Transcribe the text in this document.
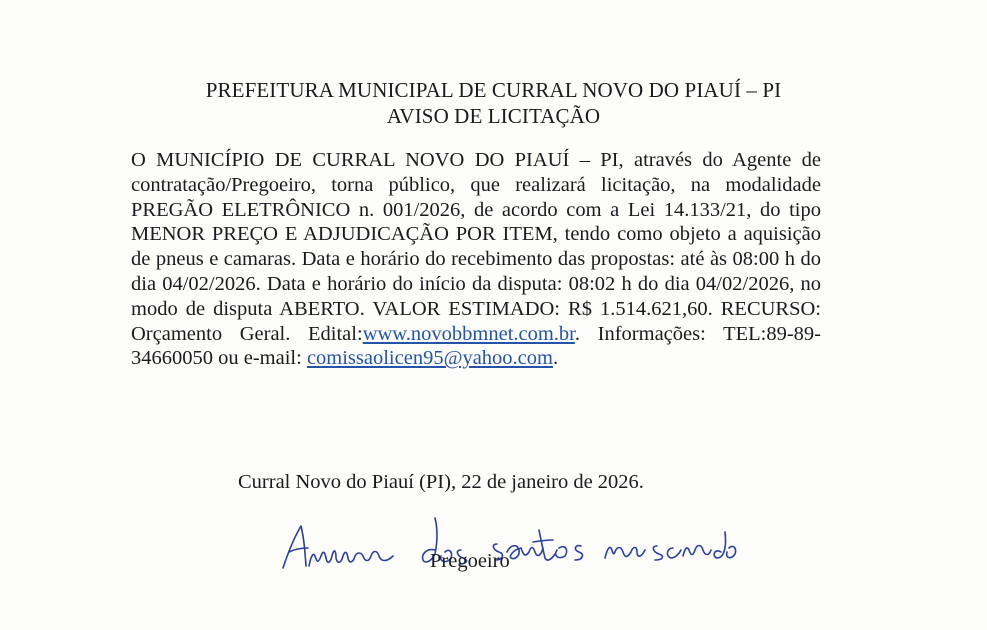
PREFEITURA MUNICIPAL DE CURRAL NOVO DO PIAUÍ – PI
AVISO DE LICITAÇÃO
O MUNICÍPIO DE CURRAL NOVO DO PIAUÍ – PI, através do Agente de contratação/Pregoeiro, torna público, que realizará licitação, na modalidade PREGÃO ELETRÔNICO n. 001/2026, de acordo com a Lei 14.133/21, do tipo MENOR PREÇO E ADJUDICAÇÃO POR ITEM, tendo como objeto a aquisição de pneus e camaras. Data e horário do recebimento das propostas: até às 08:00 h do dia 04/02/2026. Data e horário do início da disputa: 08:02 h do dia 04/02/2026, no modo de disputa ABERTO. VALOR ESTIMADO: R$ 1.514.621,60. RECURSO: Orçamento Geral. Edital:www.novobbmnet.com.br. Informações: TEL:89-89-34660050 ou e-mail: comissaolicen95@yahoo.com.
Curral Novo do Piauí (PI), 22 de janeiro de 2026.
Pregoeiro
